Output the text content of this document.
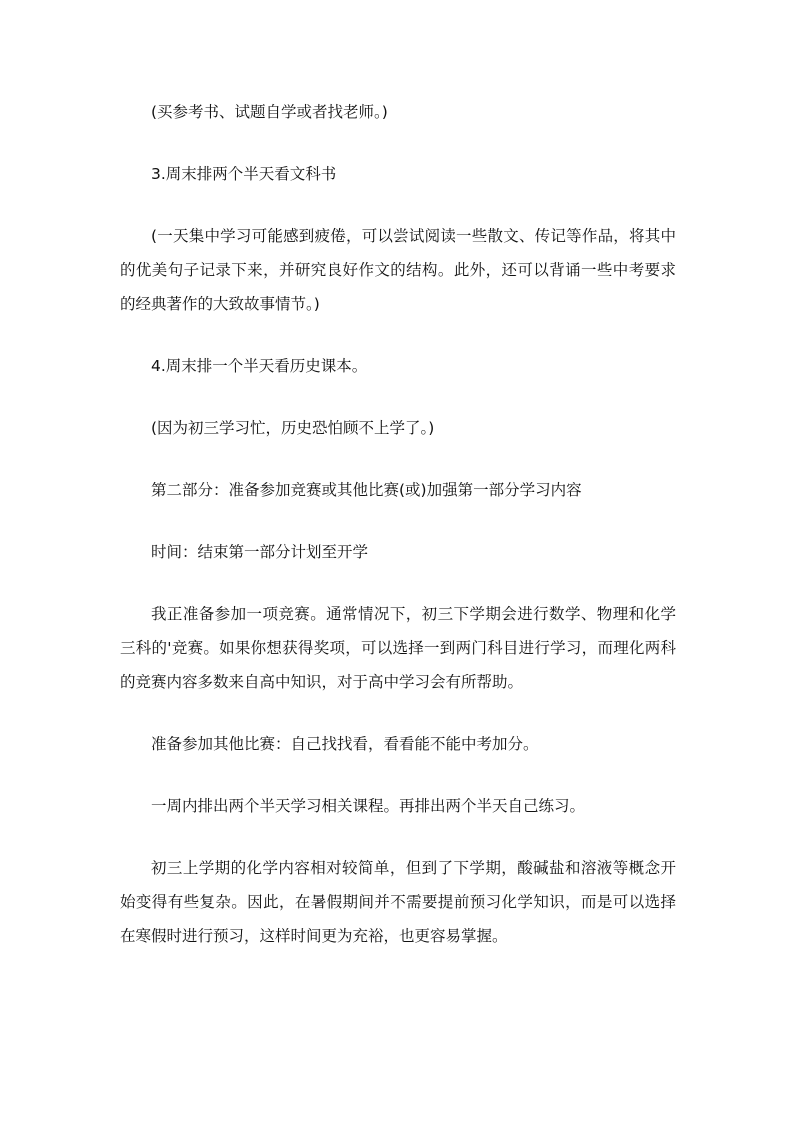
(买参考书、试题自学或者找老师。)

3.周末排两个半天看文科书

(一天集中学习可能感到疲倦，可以尝试阅读一些散文、传记等作品，将其中的优美句子记录下来，并研究良好作文的结构。此外，还可以背诵一些中考要求的经典著作的大致故事情节。)

4.周末排一个半天看历史课本。

(因为初三学习忙，历史恐怕顾不上学了。)

第二部分：准备参加竞赛或其他比赛(或)加强第一部分学习内容

时间：结束第一部分计划至开学

我正准备参加一项竞赛。通常情况下，初三下学期会进行数学、物理和化学三科的'竞赛。如果你想获得奖项，可以选择一到两门科目进行学习，而理化两科的竞赛内容多数来自高中知识，对于高中学习会有所帮助。

准备参加其他比赛：自己找找看，看看能不能中考加分。

一周内排出两个半天学习相关课程。再排出两个半天自己练习。

初三上学期的化学内容相对较简单，但到了下学期，酸碱盐和溶液等概念开始变得有些复杂。因此，在暑假期间并不需要提前预习化学知识，而是可以选择在寒假时进行预习，这样时间更为充裕，也更容易掌握。
